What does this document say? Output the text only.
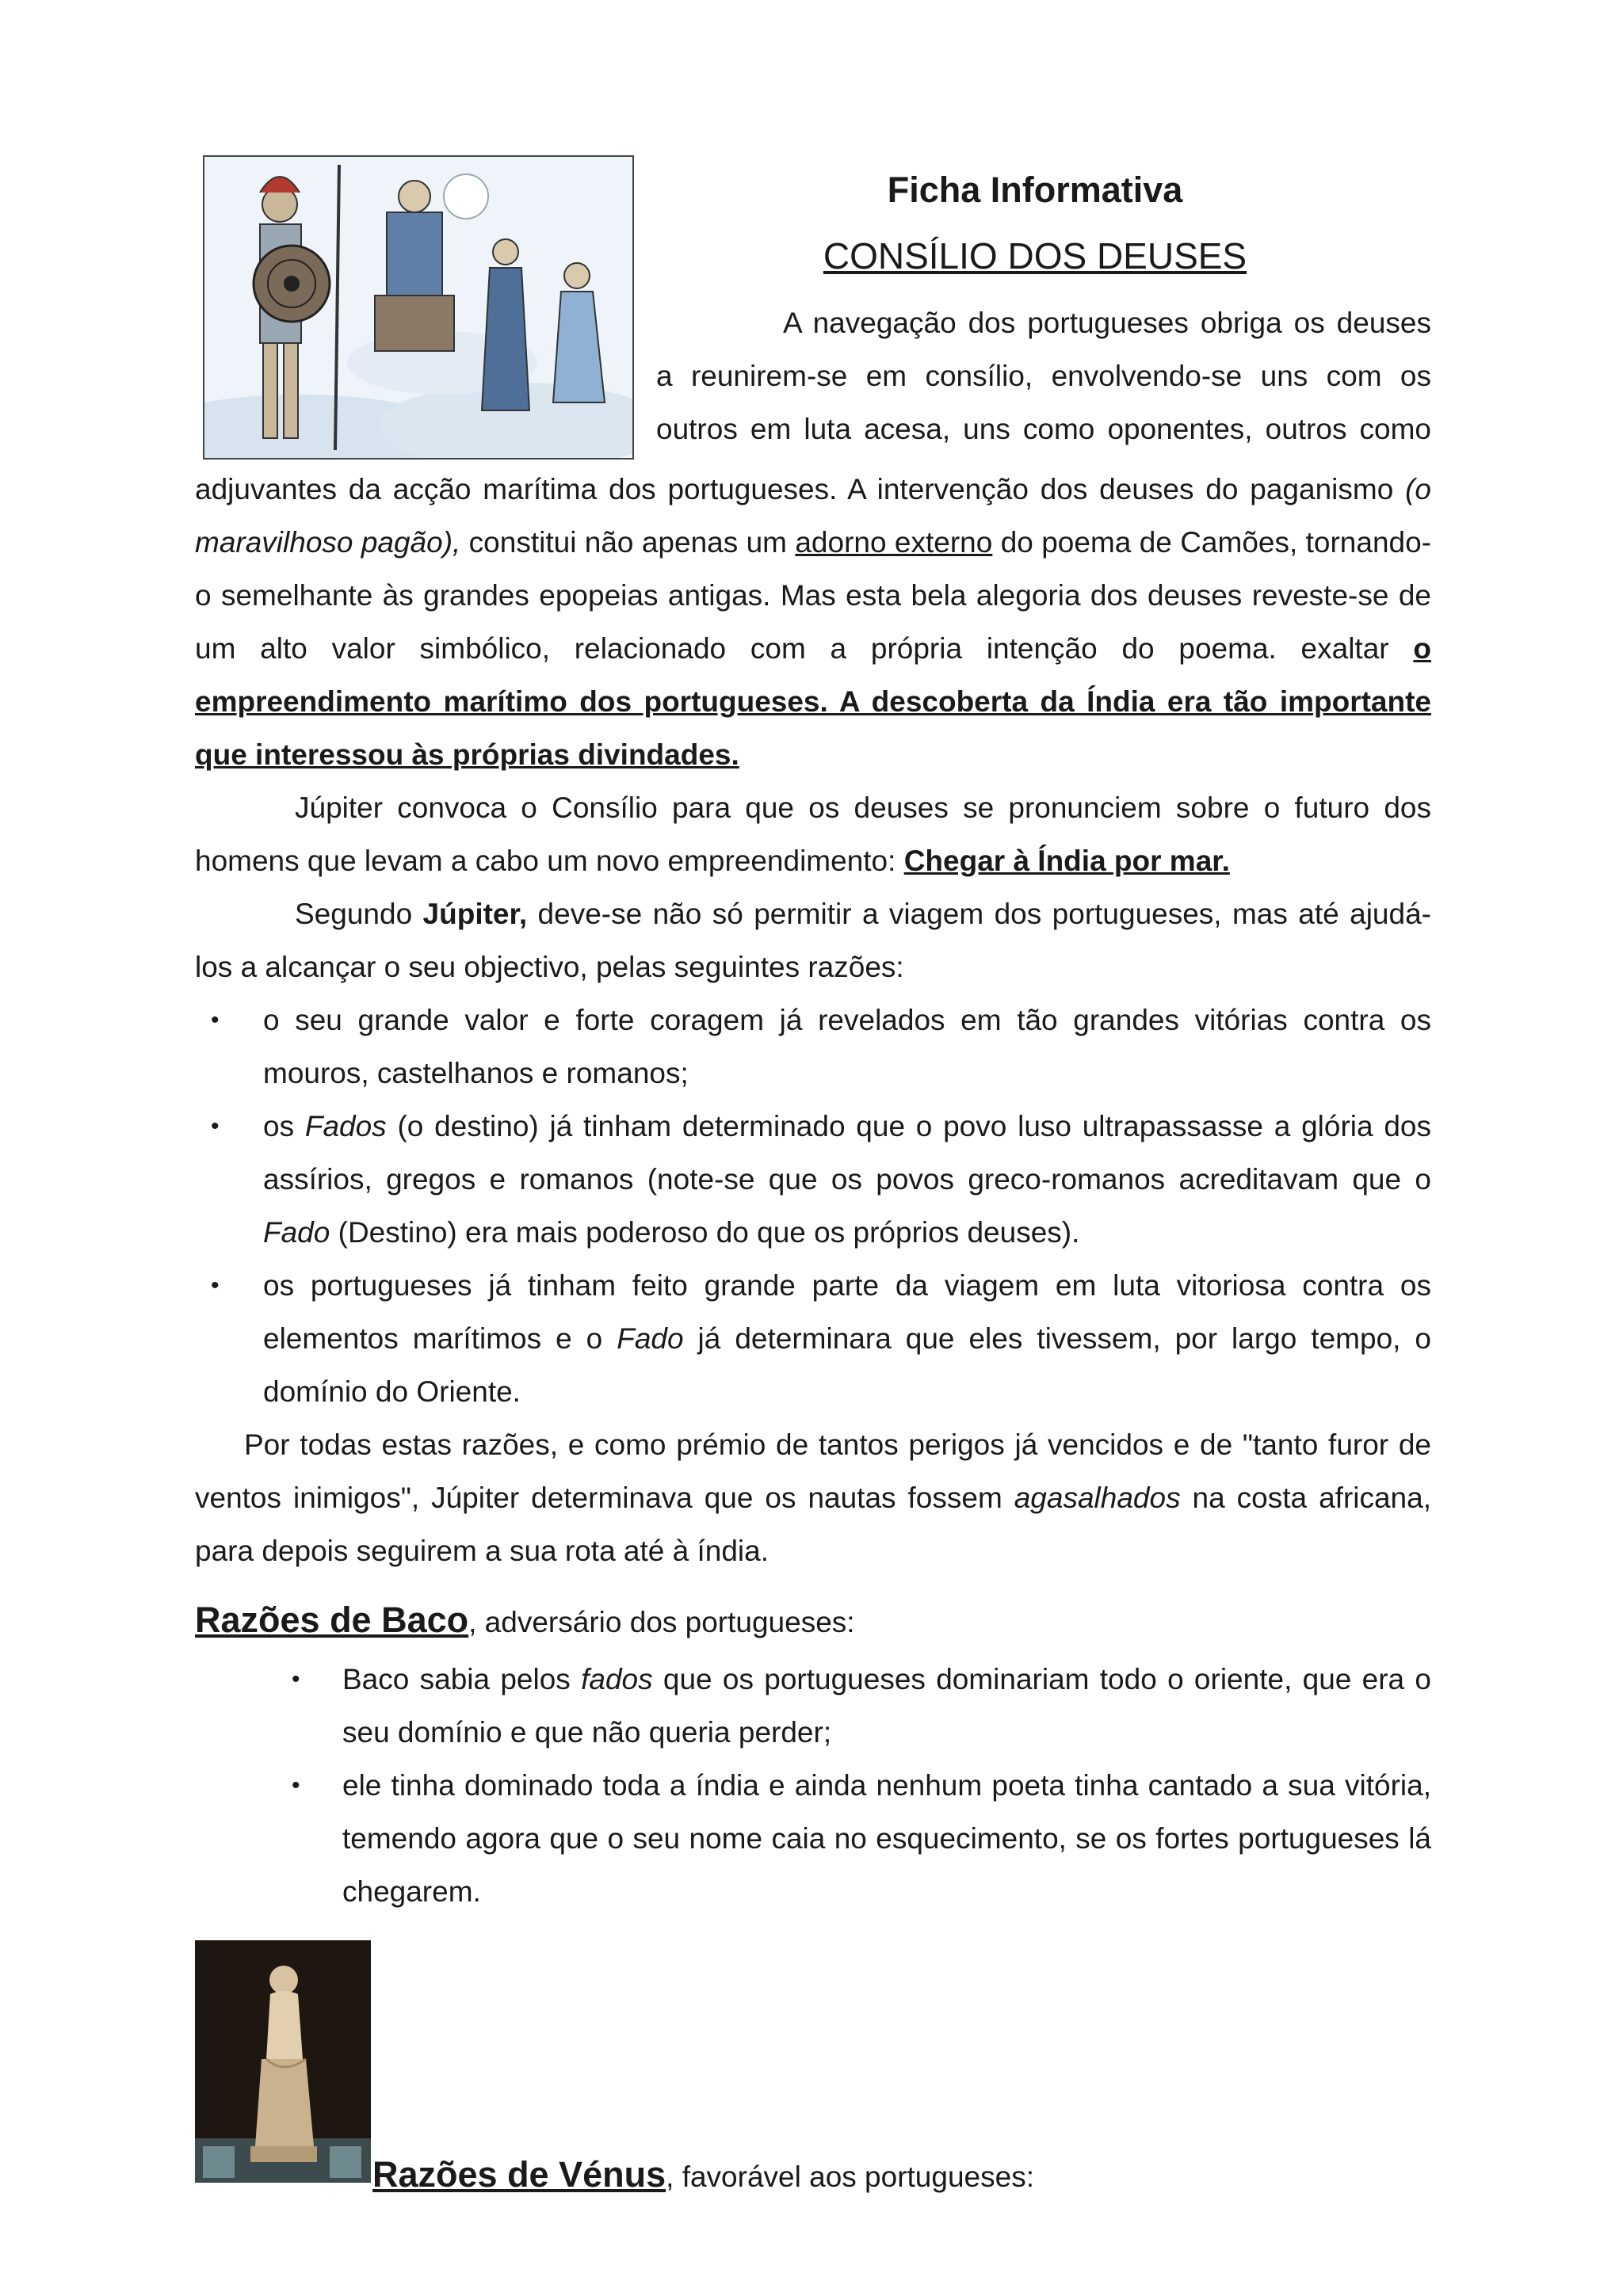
Ficha Informativa
CONSÍLIO DOS DEUSES
A navegação dos portugueses obriga os deuses
a reunirem-se em consílio, envolvendo-se uns com os
outros em luta acesa, uns como oponentes, outros como

adjuvantes da acção marítima dos portugueses. A intervenção dos deuses do paganismo (o maravilhoso pagão), constitui não apenas um adorno externo do poema de Camões, tornando-o semelhante às grandes epopeias antigas. Mas esta bela alegoria dos deuses reveste-se de um alto valor simbólico, relacionado com a própria intenção do poema. exaltar o empreendimento marítimo dos portugueses. A descoberta da Índia era tão importante que interessou às próprias divindades.

Júpiter convoca o Consílio para que os deuses se pronunciem sobre o futuro dos homens que levam a cabo um novo empreendimento: Chegar à Índia por mar.

Segundo Júpiter, deve-se não só permitir a viagem dos portugueses, mas até ajudá-los a alcançar o seu objectivo, pelas seguintes razões:

• o seu grande valor e forte coragem já revelados em tão grandes vitórias contra os mouros, castelhanos e romanos;
• os Fados (o destino) já tinham determinado que o povo luso ultrapassasse a glória dos assírios, gregos e romanos (note-se que os povos greco-romanos acreditavam que o Fado (Destino) era mais poderoso do que os próprios deuses).
• os portugueses já tinham feito grande parte da viagem em luta vitoriosa contra os elementos marítimos e o Fado já determinara que eles tivessem, por largo tempo, o domínio do Oriente.

Por todas estas razões, e como prémio de tantos perigos já vencidos e de "tanto furor de ventos inimigos", Júpiter determinava que os nautas fossem agasalhados na costa africana, para depois seguirem a sua rota até à índia.

Razões de Baco, adversário dos portugueses:
• Baco sabia pelos fados que os portugueses dominariam todo o oriente, que era o seu domínio e que não queria perder;
• ele tinha dominado toda a índia e ainda nenhum poeta tinha cantado a sua vitória, temendo agora que o seu nome caia no esquecimento, se os fortes portugueses lá chegarem.
Razões de Vénus, favorável aos portugueses:
